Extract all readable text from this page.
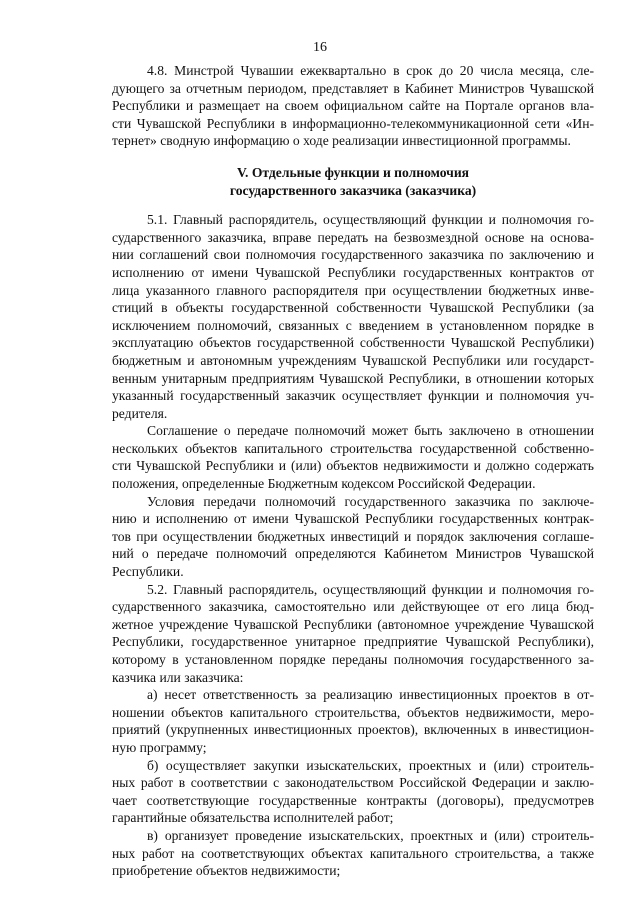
16
4.8. Минстрой Чувашии ежеквартально в срок до 20 числа месяца, сле-
дующего за отчетным периодом, представляет в Кабинет Министров Чувашской
Республики и размещает на своем официальном сайте на Портале органов вла-
сти Чувашской Республики в информационно-телекоммуникационной сети «Ин-
тернет» сводную информацию о ходе реализации инвестиционной программы.
V. Отдельные функции и полномочия
государственного заказчика (заказчика)
5.1. Главный распорядитель, осуществляющий функции и полномочия го-
сударственного заказчика, вправе передать на безвозмездной основе на основа-
нии соглашений свои полномочия государственного заказчика по заключению и
исполнению от имени Чувашской Республики государственных контрактов от
лица указанного главного распорядителя при осуществлении бюджетных инве-
стиций в объекты государственной собственности Чувашской Республики (за
исключением полномочий, связанных с введением в установленном порядке в
эксплуатацию объектов государственной собственности Чувашской Республики)
бюджетным и автономным учреждениям Чувашской Республики или государст-
венным унитарным предприятиям Чувашской Республики, в отношении которых
указанный государственный заказчик осуществляет функции и полномочия уч-
редителя.
Соглашение о передаче полномочий может быть заключено в отношении
нескольких объектов капитального строительства государственной собственно-
сти Чувашской Республики и (или) объектов недвижимости и должно содержать
положения, определенные Бюджетным кодексом Российской Федерации.
Условия передачи полномочий государственного заказчика по заключе-
нию и исполнению от имени Чувашской Республики государственных контрак-
тов при осуществлении бюджетных инвестиций и порядок заключения соглаше-
ний о передаче полномочий определяются Кабинетом Министров Чувашской
Республики.
5.2. Главный распорядитель, осуществляющий функции и полномочия го-
сударственного заказчика, самостоятельно или действующее от его лица бюд-
жетное учреждение Чувашской Республики (автономное учреждение Чувашской
Республики, государственное унитарное предприятие Чувашской Республики),
которому в установленном порядке переданы полномочия государственного за-
казчика или заказчика:
а) несет ответственность за реализацию инвестиционных проектов в от-
ношении объектов капитального строительства, объектов недвижимости, меро-
приятий (укрупненных инвестиционных проектов), включенных в инвестицион-
ную программу;
б) осуществляет закупки изыскательских, проектных и (или) строитель-
ных работ в соответствии с законодательством Российской Федерации и заклю-
чает соответствующие государственные контракты (договоры), предусмотрев
гарантийные обязательства исполнителей работ;
в) организует проведение изыскательских, проектных и (или) строитель-
ных работ на соответствующих объектах капитального строительства, а также
приобретение объектов недвижимости;
